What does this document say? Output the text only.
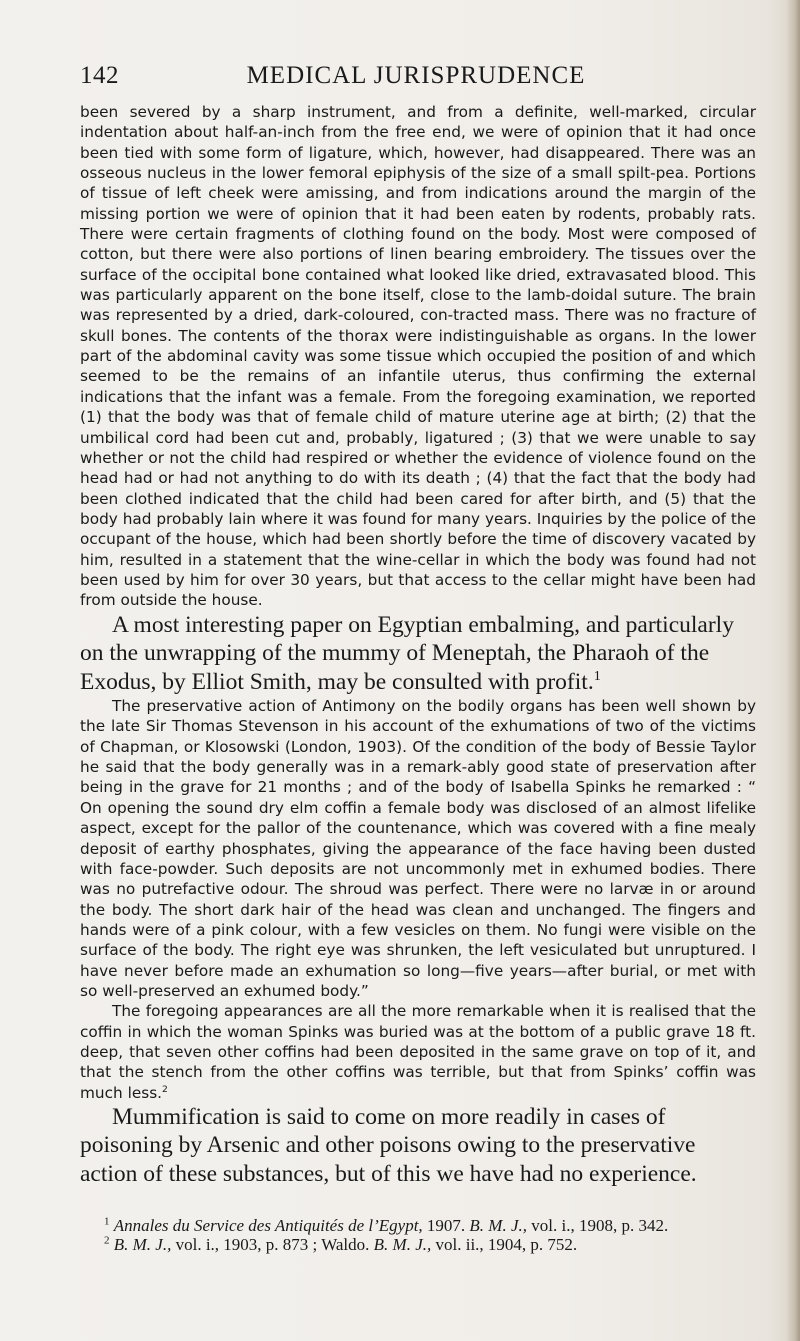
142	MEDICAL JURISPRUDENCE

been severed by a sharp instrument, and from a definite, well-marked, circular indentation about half-an-inch from the free end, we were of opinion that it had once been tied with some form of ligature, which, however, had disappeared. There was an osseous nucleus in the lower femoral epiphysis of the size of a small spilt-pea. Portions of tissue of left cheek were amissing, and from indications around the margin of the missing portion we were of opinion that it had been eaten by rodents, probably rats. There were certain fragments of clothing found on the body. Most were composed of cotton, but there were also portions of linen bearing embroidery. The tissues over the surface of the occipital bone contained what looked like dried, extravasated blood. This was particularly apparent on the bone itself, close to the lamb-doidal suture. The brain was represented by a dried, dark-coloured, con-tracted mass. There was no fracture of skull bones. The contents of the thorax were indistinguishable as organs. In the lower part of the abdominal cavity was some tissue which occupied the position of and which seemed to be the remains of an infantile uterus, thus confirming the external indications that the infant was a female. From the foregoing examination, we reported (1) that the body was that of female child of mature uterine age at birth; (2) that the umbilical cord had been cut and, probably, ligatured ; (3) that we were unable to say whether or not the child had respired or whether the evidence of violence found on the head had or had not anything to do with its death ; (4) that the fact that the body had been clothed indicated that the child had been cared for after birth, and (5) that the body had probably lain where it was found for many years. Inquiries by the police of the occupant of the house, which had been shortly before the time of discovery vacated by him, resulted in a statement that the wine-cellar in which the body was found had not been used by him for over 30 years, but that access to the cellar might have been had from outside the house.

A most interesting paper on Egyptian embalming, and particularly on the unwrapping of the mummy of Meneptah, the Pharaoh of the Exodus, by Elliot Smith, may be consulted with profit.$^1$

The preservative action of Antimony on the bodily organs has been well shown by the late Sir Thomas Stevenson in his account of the exhumations of two of the victims of Chapman, or Klosowski (London, 1903). Of the condition of the body of Bessie Taylor he said that the body generally was in a remark-ably good state of preservation after being in the grave for 21 months ; and of the body of Isabella Spinks he remarked : “ On opening the sound dry elm coffin a female body was disclosed of an almost lifelike aspect, except for the pallor of the countenance, which was covered with a fine mealy deposit of earthy phosphates, giving the appearance of the face having been dusted with face-powder. Such deposits are not uncommonly met in exhumed bodies. There was no putrefactive odour. The shroud was perfect. There were no larvæ in or around the body. The short dark hair of the head was clean and unchanged. The fingers and hands were of a pink colour, with a few vesicles on them. No fungi were visible on the surface of the body. The right eye was shrunken, the left vesiculated but unruptured. I have never before made an exhumation so long—five years—after burial, or met with so well-preserved an exhumed body.”

The foregoing appearances are all the more remarkable when it is realised that the coffin in which the woman Spinks was buried was at the bottom of a public grave 18 ft. deep, that seven other coffins had been deposited in the same grave on top of it, and that the stench from the other coffins was terrible, but that from Spinks’ coffin was much less.$^2$

Mummification is said to come on more readily in cases of poisoning by Arsenic and other poisons owing to the preservative action of these substances, but of this we have had no experience.

$^1$ Annales du Service des Antiquités de l’Egypt, 1907. B. M. J., vol. i., 1908, p. 342.

$^2$ B. M. J., vol. i., 1903, p. 873 ; Waldo. B. M. J., vol. ii., 1904, p. 752.
